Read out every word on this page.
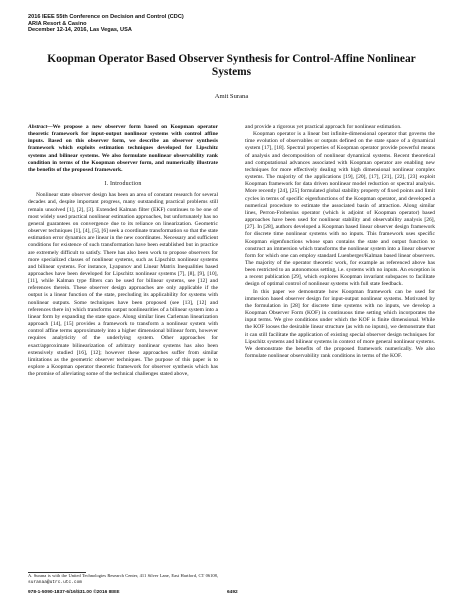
2016 IEEE 55th Conference on Decision and Control (CDC)
ARIA Resort & Casino
December 12-14, 2016, Las Vegas, USA
Koopman Operator Based Observer Synthesis for Control-Affine Nonlinear Systems
Amit Surana

Abstract—We propose a new observer form based on Koopman operator theoretic framework for input-output nonlinear systems with control affine inputs. Based on this observer form, we describe an observer synthesis framework which exploits estimation techniques developed for Lipschitz systems and bilinear systems. We also formulate nonlinear observability rank condition in terms of the Koopman observer form, and numerically illustrate the benefits of the proposed framework.

I. Introduction

Nonlinear state observer design has been an area of constant research for several decades and, despite important progress, many outstanding practical problems still remain unsolved [1], [2], [3]. Extended Kalman filter (EKF) continues to be one of most widely used practical nonlinear estimation approaches, but unfortunately has no general guarantees on convergence due to its reliance on linearization. Geometric observer techniques [1], [4], [5], [6] seek a coordinate transformation so that the state estimation error dynamics are linear in the new coordinates. Necessary and sufficient conditions for existence of such transformation have been established but in practice are extremely difficult to satisfy. There has also been work to propose observers for more specialized classes of nonlinear systems, such as Lipschitz nonlinear systems and bilinear systems. For instance, Lyapunov and Linear Matrix Inequalities based approaches have been developed for Lipschitz nonlinear systems [7], [8], [9], [10], [11], while Kalman type filters can be used for bilinear systems, see [12] and references therein. These observer design approaches are only applicable if the output is a linear function of the state, precluding its applicability for systems with nonlinear outputs. Some techniques have been proposed (see [13], [12] and references there in) which transforms output nonlinearities of a bilinear system into a linear form by expanding the state space. Along similar lines Carleman linearization approach [14], [15] provides a framework to transform a nonlinear system with control affine terms approximately into a higher dimensional bilinear form, however requires analyticity of the underlying system. Other approaches for exact/approximate bilinearization of arbitrary nonlinear systems has also been extensively studied [16], [12]; however these approaches suffer from similar limitations as the geometric observer techniques. The purpose of this paper is to explore a Koopman operator theoretic framework for observer synthesis which has the promise of alleviating some of the technical challenges stated above,

and provide a rigorous yet practical approach for nonlinear estimation.

Koopman operator is a linear but infinite-dimensional operator that governs the time evolution of observables or outputs defined on the state space of a dynamical system [17], [18]. Spectral properties of Koopman operator provide powerful means of analysis and decomposition of nonlinear dynamical systems. Recent theoretical and computational advances associated with Koopman operator are enabling new techniques for more effectively dealing with high dimensional nonlinear complex systems. The majority of the applications [19], [20], [17], [21], [22], [23] exploit Koopman framework for data driven nonlinear model reduction or spectral analysis. More recently [24], [25] formulated global stability property of fixed points and limit cycles in terms of specific eigenfunctions of the Koopman operator, and developed a numerical procedure to estimate the associated basin of attraction. Along similar lines, Perron-Frobenius operator (which is adjoint of Koopman operator) based approaches have been used for nonlinear stability and observability analysis [26], [27]. In [28], authors developed a Koopman based linear observer design framework for discrete time nonlinear systems with no inputs. This framework uses specific Koopman eigenfunctions whose span contains the state and output function to construct an immersion which transforms the nonlinear system into a linear observer form for which one can employ standard Luenberger/Kalman based linear observers. The majority of the operator theoretic work, for example as referenced above has been restricted to an autonomous setting, i.e. systems with no inputs. An exception is a recent publication [29], which explores Koopman invariant subspaces to facilitate design of optimal control of nonlinear systems with full state feedback.

In this paper we demonstrate how Koopman framework can be used for immersion based observer design for input-output nonlinear systems. Motivated by the formulation in [28] for discrete time systems with no inputs, we develop a Koopman Observer Form (KOF) in continuous time setting which incorporates the input terms. We give conditions under which the KOF is finite dimensional. While the KOF looses the desirable linear structure (as with no inputs), we demonstrate that it can still facilitate the application of existing special observer design techniques for Lipschitz systems and bilinear systems in context of more general nonlinear systems. We demonstrate the benefits of the proposed framework numerically. We also formulate nonlinear observability rank conditions in terms of the KOF.

A. Surana is with the United Technologies Research Center, 411 Silver Lane, East Hartford, CT 06108, suranaa@utrc.utc.com
978-1-5090-1837-6/16/$31.00 ©2016 IEEE	6492
